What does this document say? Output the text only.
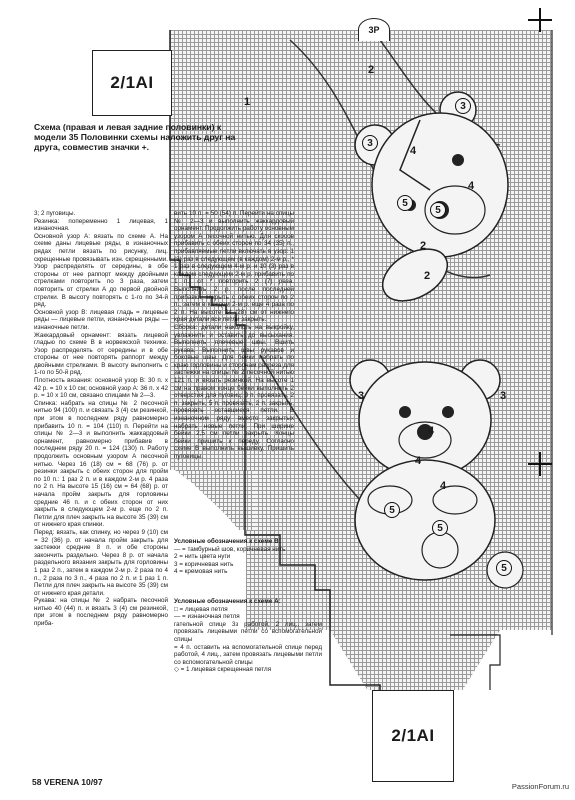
1
2
2
2
3
3
3	3
4
4
4
5
5
5
5
5
4
4
3P
2/1AI
2/1AI
Схема (правая и левая задние половинки) к модели 35 Половинки схемы наложить друг на друга, совместив значки +.

3; 2 пуговицы.

Резинка: попеременно 1 лицевая, 1 изнаночная.

Основной узор А: вязать по схеме А. На схеме даны лицевые ряды, в изнаночных рядах петли вязать по рисунку, лиц. скрещенные провязывать изн. скрещенными. Узор распределять от середины, в обе стороны от нее раппорт между двойными стрелками повторить по 3 раза, затем повторить от стрелки А до первой двойной стрелки. В высоту повторять с 1-го по 34-й ряд.

Основной узор В: лицевая гладь = лицевые ряды — лицевые петли, изнаночные ряды — изнаночные петли.

Жаккардовый орнамент: вязать лицевой гладью по схеме В в норвежской технике. Узор распределять от середины и в обе стороны от нее повторять раппорт между двойными стрелками. В высоту выполнить с 1-го по 50-й ряд.

Плотность вязания: основной узор В: 30 п. х 42 р. = 10 х 10 см; основной узор А: 36 п. х 42 р. = 10 х 10 см, связано спицами № 2—3.

Спинка: набрать на спицы № 2 песочной нитью 94 (100) п. и связать 3 (4) см резинкой, при этом в последнем ряду равномерно прибавить 10 п. = 104 (110) п. Перейти на спицы № 2—3 и выполнить жаккардовый орнамент, равномерно прибавив в последнем ряду 20 п. = 124 (130) п. Работу продолжить основным узором А песочной нитью. Через 16 (18) см = 68 (76) р. от резинки закрыть с обеих сторон для пройм по 10 п.: 1 раз 2 п. и в каждом 2-м р. 4 раза по 2 п. На высоте 15 (16) см = 64 (68) р. от начала пройм закрыть для горловины средние 46 п. и с обеих сторон от них закрыть в следующем 2-м р. еще по 2 п. Петли для плеч закрыть на высоте 35 (39) см от нижнего края спинки.

Перед: вязать, как спинку, но через 9 (10) см = 32 (36) р. от начала пройм закрыть для застежки средние 8 п. и обе стороны закончить раздельно. Через 8 р. от начала раздельного вязания закрыть для горловины 1 раз 2 п., затем в каждом 2-м р. 2 раза по 4 п., 2 раза по 3 п., 4 раза по 2 п. и 1 раз 1 п. Петли для плеч закрыть на высоте 35 (39) см от нижнего края детали.

Рукава: на спицы № 2 набрать песочной нитью 40 (44) п. и вязать 3 (4) см резинкой, при этом в последнем ряду равномерно приба-

вить 10 п. = 50 (54) п. Перейти на спицы № 2—3 и выполнить жаккардовый орнамент. Продолжить работу основным узором А песочной нитью. Для скосов прибавить с обеих сторон по 34 (35) п., прибавляемые петли включать в узор: 1 (3) раз в следующем (в каждом) 2-м р., * 1 раз в следующем 4-м р. и 10 (3) раз в каждом следующем 2-м р. прибавить по 1 п., от * повторить 2 (7) раза. Выполнить 2 р. после последней прибавки, закрыть с обеих сторон по 2 п., затем в каждом 2-м р. еще 4 раза по 2 п. На высоте 24 (28) см от нижнего края детали все петли закрыть.

Сборка: детали наколоть на выкройку, увлажнить и оставить до высыхания. Выполнить плечевые швы. Вшить рукава. Выполнить швы рукавов и боковые швы. Для бейки набрать по краю горловины и сторонам разреза для застежки на спицы № 2 песочной нитью 121 п. и вязать резинкой. На высоте 1 см на правом конце бейки выполнить 2 отверстия для пуговиц: 3 п. провязать, 2 п. закрыть, 5 п. провязать, 2 п. закрыть, провязать оставшиеся петли. В изнаночном ряду вместо закрытых набрать новые петли. При ширине бейки 2,5 см петли закрыть. Концы бейки пришить к переду. Согласно схеме В выполнить вышивку. Пришить пуговицы.

Условные обозначения к схеме В:

— = тамбурный шов, коричневая нить

2 = нить цвета нуги

3 = коричневая нить

4 = кремовая нить

Условные обозначения к схеме А:

□ = лицевая петля

— = изнаночная петля

гательной спице 3з работой, 2 лиц., затем провязать лицевыми петли со вспомогательной спицы

= 4 п. оставить на вспомогательной спице перед работой, 4 лиц., затем провязать лицевыми петли со вспомогательной спицы

◇ = 1 лицевая скрещенная петля

58 VERENA 10/97	PassionForum.ru
